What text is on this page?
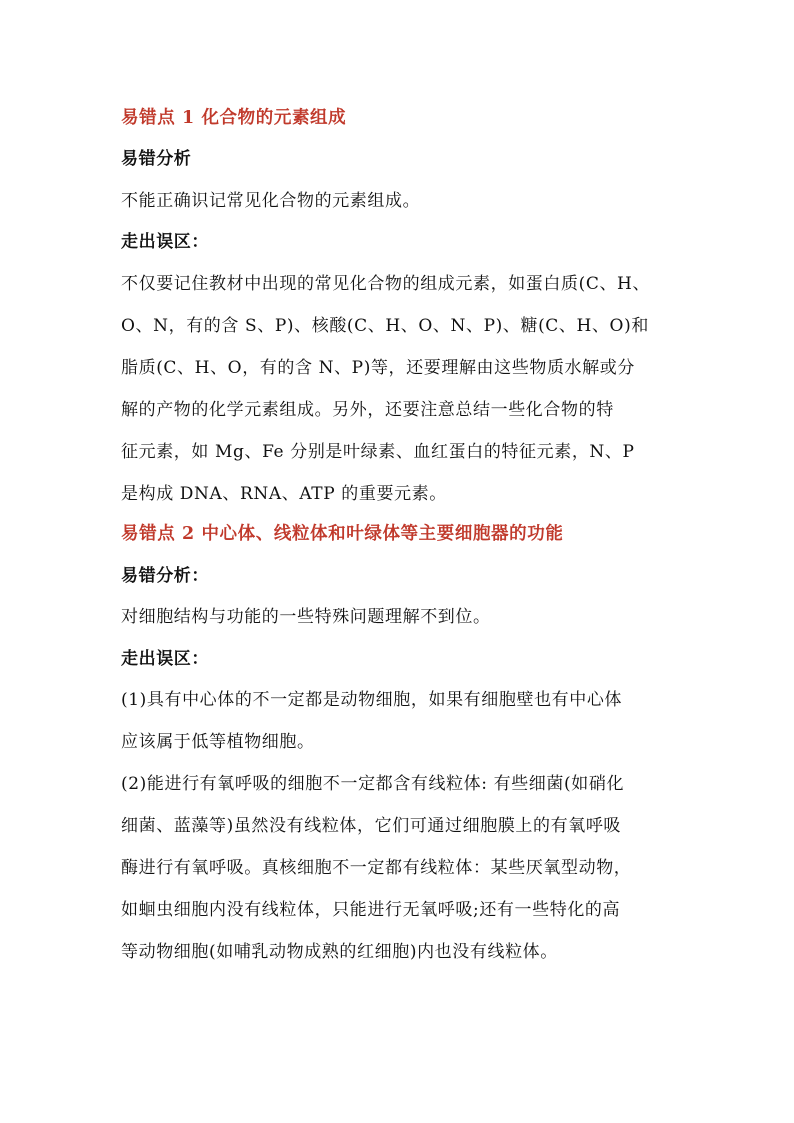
易错点 1 化合物的元素组成
易错分析
不能正确识记常见化合物的元素组成。
走出误区：
不仅要记住教材中出现的常见化合物的组成元素，如蛋白质(C、H、
O、N，有的含 S、P)、核酸(C、H、O、N、P)、糖(C、H、O)和
脂质(C、H、O，有的含 N、P)等，还要理解由这些物质水解或分
解的产物的化学元素组成。另外，还要注意总结一些化合物的特
征元素，如 Mg、Fe 分别是叶绿素、血红蛋白的特征元素，N、P
是构成 DNA、RNA、ATP 的重要元素。
易错点 2 中心体、线粒体和叶绿体等主要细胞器的功能
易错分析：
对细胞结构与功能的一些特殊问题理解不到位。
走出误区：
(1)具有中心体的不一定都是动物细胞，如果有细胞壁也有中心体
应该属于低等植物细胞。
(2)能进行有氧呼吸的细胞不一定都含有线粒体: 有些细菌(如硝化
细菌、蓝藻等)虽然没有线粒体，它们可通过细胞膜上的有氧呼吸
酶进行有氧呼吸。真核细胞不一定都有线粒体：某些厌氧型动物，
如蛔虫细胞内没有线粒体，只能进行无氧呼吸;还有一些特化的高
等动物细胞(如哺乳动物成熟的红细胞)内也没有线粒体。
